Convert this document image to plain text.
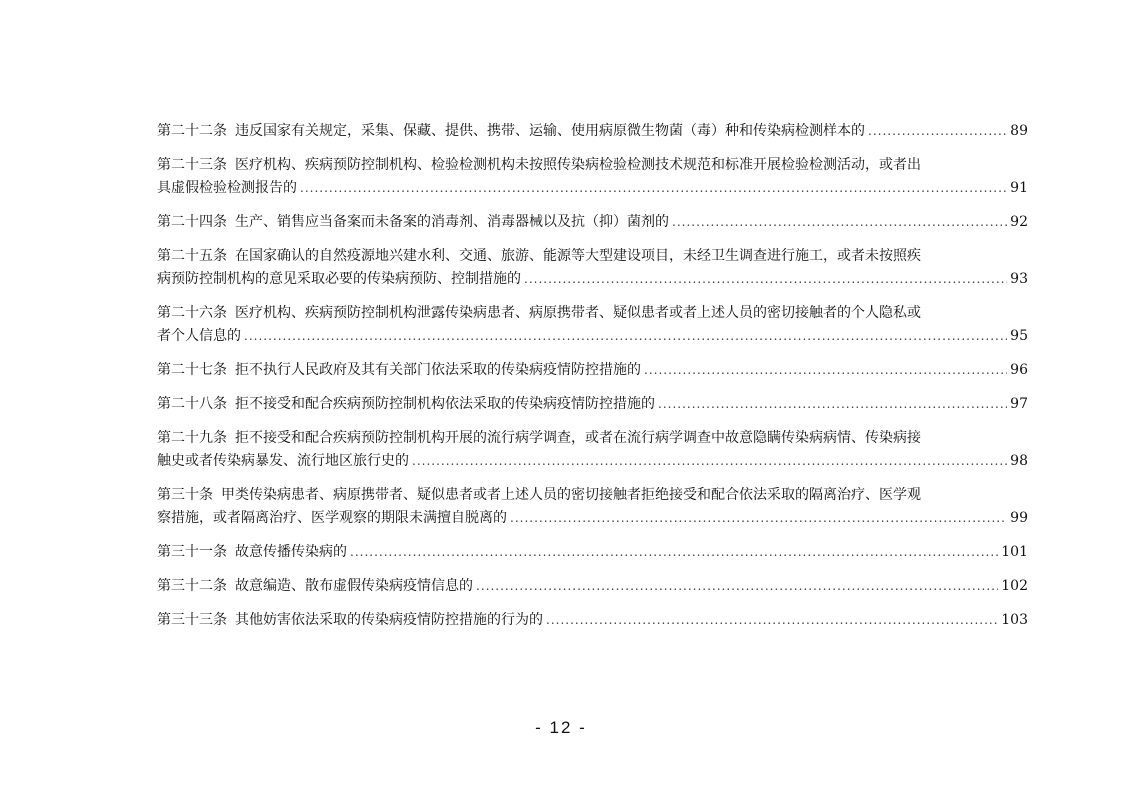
第二十二条 违反国家有关规定，采集、保藏、提供、携带、运输、使用病原微生物菌（毒）种和传染病检测样本的 .....	89
第二十三条 医疗机构、疾病预防控制机构、检验检测机构未按照传染病检验检测技术规范和标准开展检验检测活动，或者出
具虚假检验检测报告的 .....	91
第二十四条 生产、销售应当备案而未备案的消毒剂、消毒器械以及抗（抑）菌剂的 .....	92
第二十五条 在国家确认的自然疫源地兴建水利、交通、旅游、能源等大型建设项目，未经卫生调查进行施工，或者未按照疾
病预防控制机构的意见采取必要的传染病预防、控制措施的 .....	93
第二十六条 医疗机构、疾病预防控制机构泄露传染病患者、病原携带者、疑似患者或者上述人员的密切接触者的个人隐私或
者个人信息的 .....	95
第二十七条 拒不执行人民政府及其有关部门依法采取的传染病疫情防控措施的 .....	96
第二十八条 拒不接受和配合疾病预防控制机构依法采取的传染病疫情防控措施的 .....	97
第二十九条 拒不接受和配合疾病预防控制机构开展的流行病学调查，或者在流行病学调查中故意隐瞒传染病病情、传染病接
触史或者传染病暴发、流行地区旅行史的 .....	98
第三十条 甲类传染病患者、病原携带者、疑似患者或者上述人员的密切接触者拒绝接受和配合依法采取的隔离治疗、医学观
察措施，或者隔离治疗、医学观察的期限未满擅自脱离的 .....	99
第三十一条 故意传播传染病的 .....	101
第三十二条 故意编造、散布虚假传染病疫情信息的 .....	102
第三十三条 其他妨害依法采取的传染病疫情防控措施的行为的 .....	103
- 12 -
